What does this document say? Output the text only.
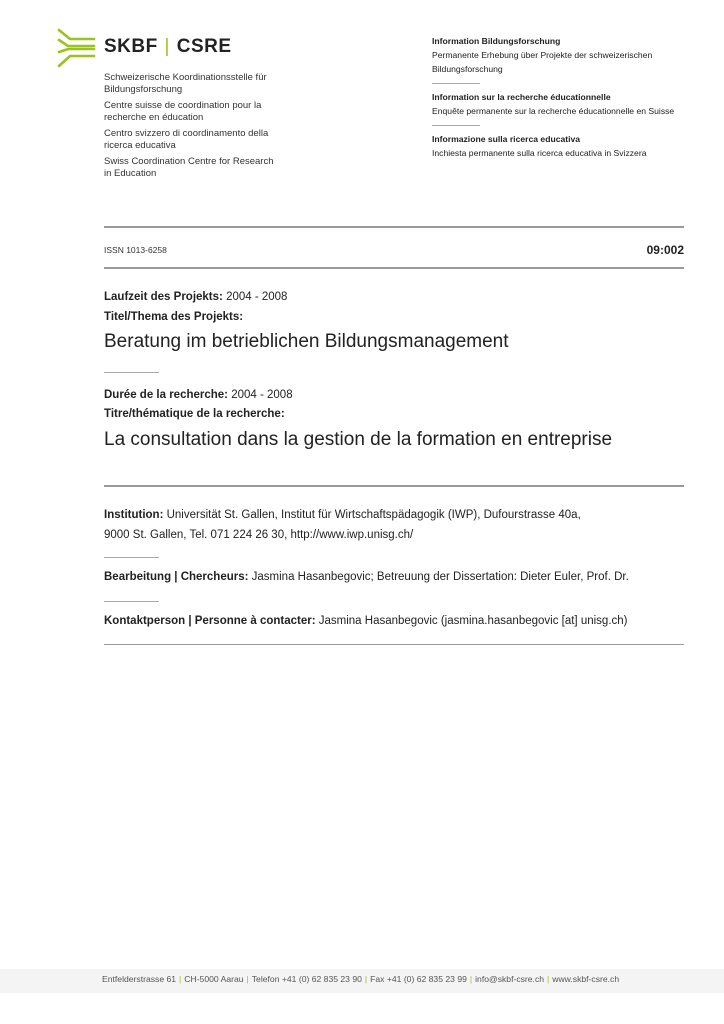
SKBF | CSRE
Schweizerische Koordinationsstelle für Bildungsforschung
Centre suisse de coordination pour la recherche en éducation
Centro svizzero di coordinamento della ricerca educativa
Swiss Coordination Centre for Research in Education
Information Bildungsforschung
Permanente Erhebung über Projekte der schweizerischen Bildungsforschung
Information sur la recherche éducationnelle
Enquête permanente sur la recherche éducationnelle en Suisse
Informazione sulla ricerca educativa
Inchiesta permanente sulla ricerca educativa in Svizzera
ISSN 1013-6258	09:002
Laufzeit des Projekts: 2004 - 2008
Titel/Thema des Projekts:
Beratung im betrieblichen Bildungsmanagement
Durée de la recherche: 2004 - 2008
Titre/thématique de la recherche:
La consultation dans la gestion de la formation en entreprise
Institution: Universität St. Gallen, Institut für Wirtschaftspädagogik (IWP), Dufourstrasse 40a,
9000 St. Gallen, Tel. 071 224 26 30, http://www.iwp.unisg.ch/
Bearbeitung | Chercheurs: Jasmina Hasanbegovic; Betreuung der Dissertation: Dieter Euler, Prof. Dr.
Kontaktperson | Personne à contacter: Jasmina Hasanbegovic (jasmina.hasanbegovic [at] unisg.ch)
Entfelderstrasse 61 | CH-5000 Aarau | Telefon +41 (0) 62 835 23 90 | Fax +41 (0) 62 835 23 99 | info@skbf-csre.ch | www.skbf-csre.ch
